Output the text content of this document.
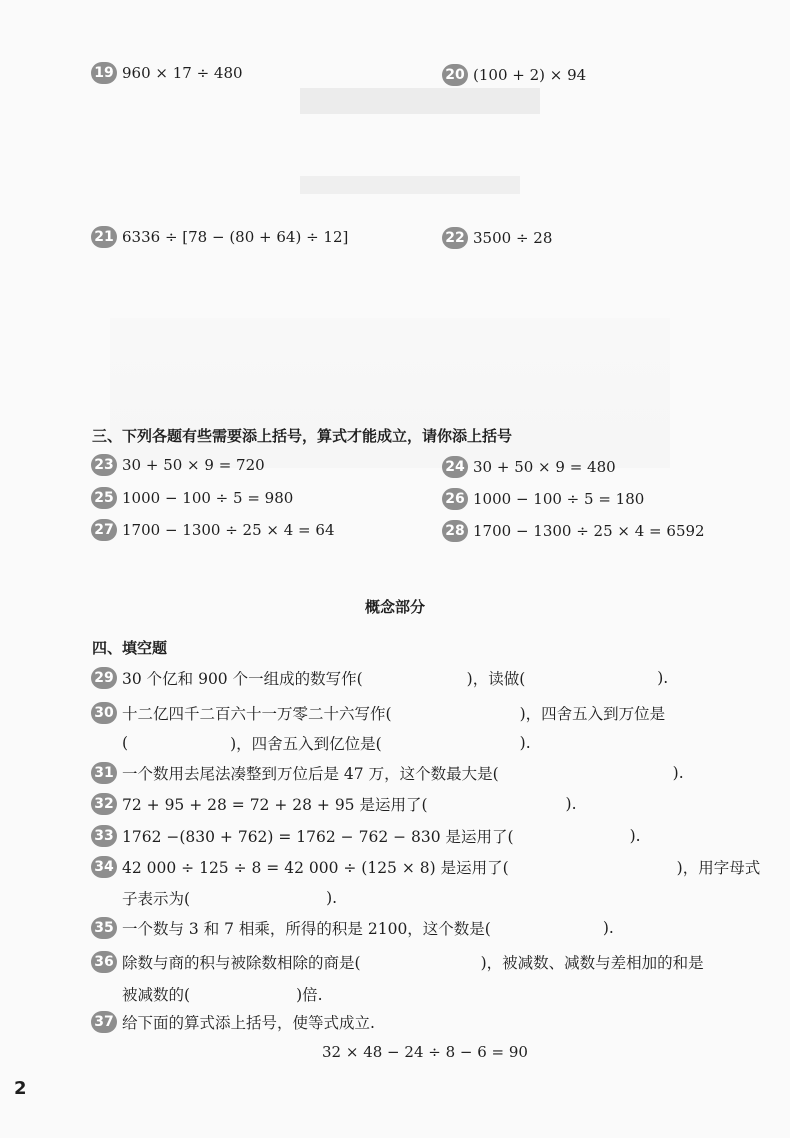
19 960 × 17 ÷ 480	20 (100 + 2) × 94
21 6336 ÷ [78 − (80 + 64) ÷ 12]	22 3500 ÷ 28
三、下列各题有些需要添上括号，算式才能成立，请你添上括号
23 30 + 50 × 9 = 720	24 30 + 50 × 9 = 480
25 1000 − 100 ÷ 5 = 980	26 1000 − 100 ÷ 5 = 180
27 1700 − 1300 ÷ 25 × 4 = 64	28 1700 − 1300 ÷ 25 × 4 = 6592
概念部分
四、填空题
29 30 个亿和 900 个一组成的数写作(	)，读做(	).
30 十二亿四千二百六十一万零二十六写作(	)，四舍五入到万位是
(	)，四舍五入到亿位是(	).
31 一个数用去尾法凑整到万位后是 47 万，这个数最大是(	).
32 72 + 95 + 28 = 72 + 28 + 95 是运用了(	).
33 1762 −(830 + 762) = 1762 − 762 − 830 是运用了(	).
34 42 000 ÷ 125 ÷ 8 = 42 000 ÷ (125 × 8) 是运用了(	)，用字母式
子表示为(	).
35 一个数与 3 和 7 相乘，所得的积是 2100，这个数是(	).
36 除数与商的积与被除数相除的商是(	)，被减数、减数与差相加的和是
被减数的(	)倍.
37 给下面的算式添上括号，使等式成立.
32 × 48 − 24 ÷ 8 − 6 = 90
2
